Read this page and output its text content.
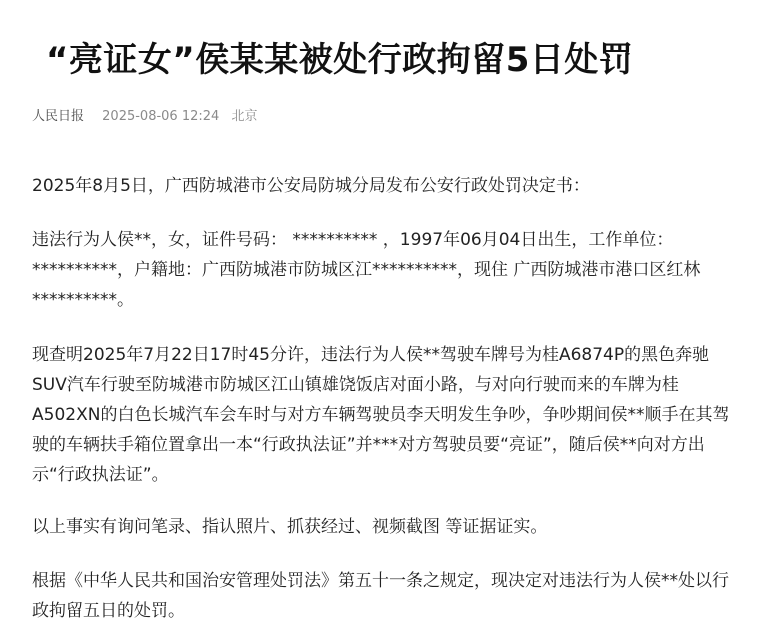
“亮证女”侯某某被处行政拘留5日处罚
人民日报 2025-08-06 12:24 北京

2025年8月5日，广西防城港市公安局防城分局发布公安行政处罚决定书：

违法行为人侯**，女，证件号码： ********** ，1997年06月04日出生，工作单位：**********，户籍地：广西防城港市防城区江**********，现住 广西防城港市港口区红林**********。

现查明2025年7月22日17时45分许，违法行为人侯**驾驶车牌号为桂A6874P的黑色奔驰SUV汽车行驶至防城港市防城区江山镇雄饶饭店对面小路，与对向行驶而来的车牌为桂A502XN的白色长城汽车会车时与对方车辆驾驶员李天明发生争吵，争吵期间侯**顺手在其驾驶的车辆扶手箱位置拿出一本“行政执法证”并***对方驾驶员要“亮证”，随后侯**向对方出示“行政执法证”。

以上事实有询问笔录、指认照片、抓获经过、视频截图 等证据证实。

根据《中华人民共和国治安管理处罚法》第五十一条之规定，现决定对违法行为人侯**处以行政拘留五日的处罚。
